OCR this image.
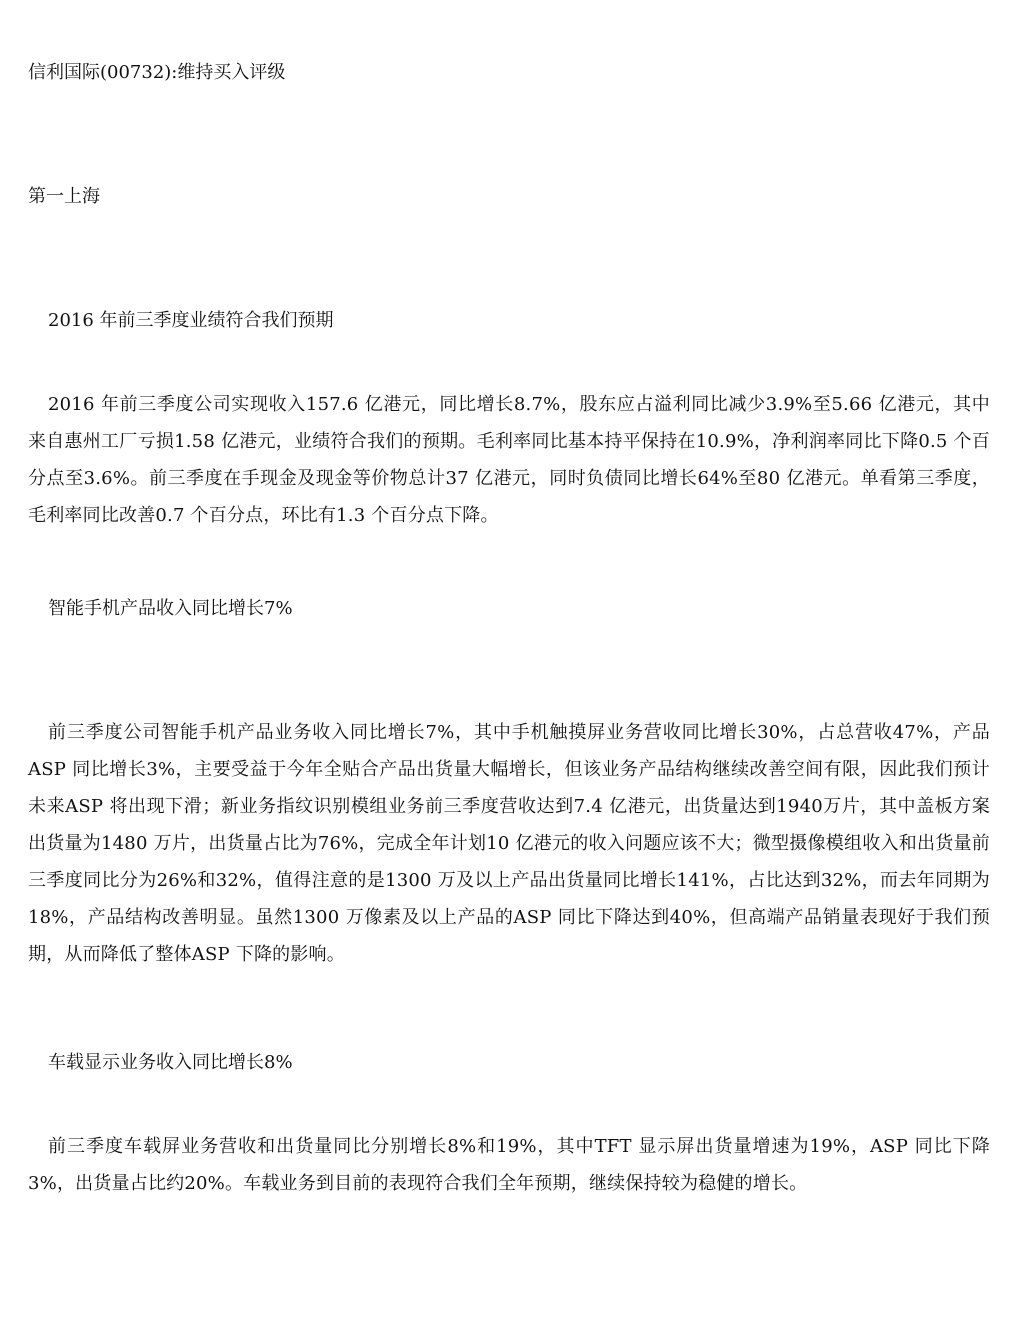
信利国际(00732):维持买入评级

第一上海

2016 年前三季度业绩符合我们预期

2016 年前三季度公司实现收入157.6 亿港元，同比增长8.7%，股东应占溢利同比减少3.9%至5.66 亿港元，其中来自惠州工厂亏损1.58 亿港元，业绩符合我们的预期。毛利率同比基本持平保持在10.9%，净利润率同比下降0.5 个百分点至3.6%。前三季度在手现金及现金等价物总计37 亿港元，同时负债同比增长64%至80 亿港元。单看第三季度，毛利率同比改善0.7 个百分点，环比有1.3 个百分点下降。

智能手机产品收入同比增长7%

前三季度公司智能手机产品业务收入同比增长7%，其中手机触摸屏业务营收同比增长30%，占总营收47%，产品ASP 同比增长3%，主要受益于今年全贴合产品出货量大幅增长，但该业务产品结构继续改善空间有限，因此我们预计未来ASP 将出现下滑；新业务指纹识别模组业务前三季度营收达到7.4 亿港元，出货量达到1940万片，其中盖板方案出货量为1480 万片，出货量占比为76%，完成全年计划10 亿港元的收入问题应该不大；微型摄像模组收入和出货量前三季度同比分为26%和32%，值得注意的是1300 万及以上产品出货量同比增长141%，占比达到32%，而去年同期为18%，产品结构改善明显。虽然1300 万像素及以上产品的ASP 同比下降达到40%，但高端产品销量表现好于我们预期，从而降低了整体ASP 下降的影响。

车载显示业务收入同比增长8%

前三季度车载屏业务营收和出货量同比分别增长8%和19%，其中TFT 显示屏出货量增速为19%，ASP 同比下降3%，出货量占比约20%。车载业务到目前的表现符合我们全年预期，继续保持较为稳健的增长。
